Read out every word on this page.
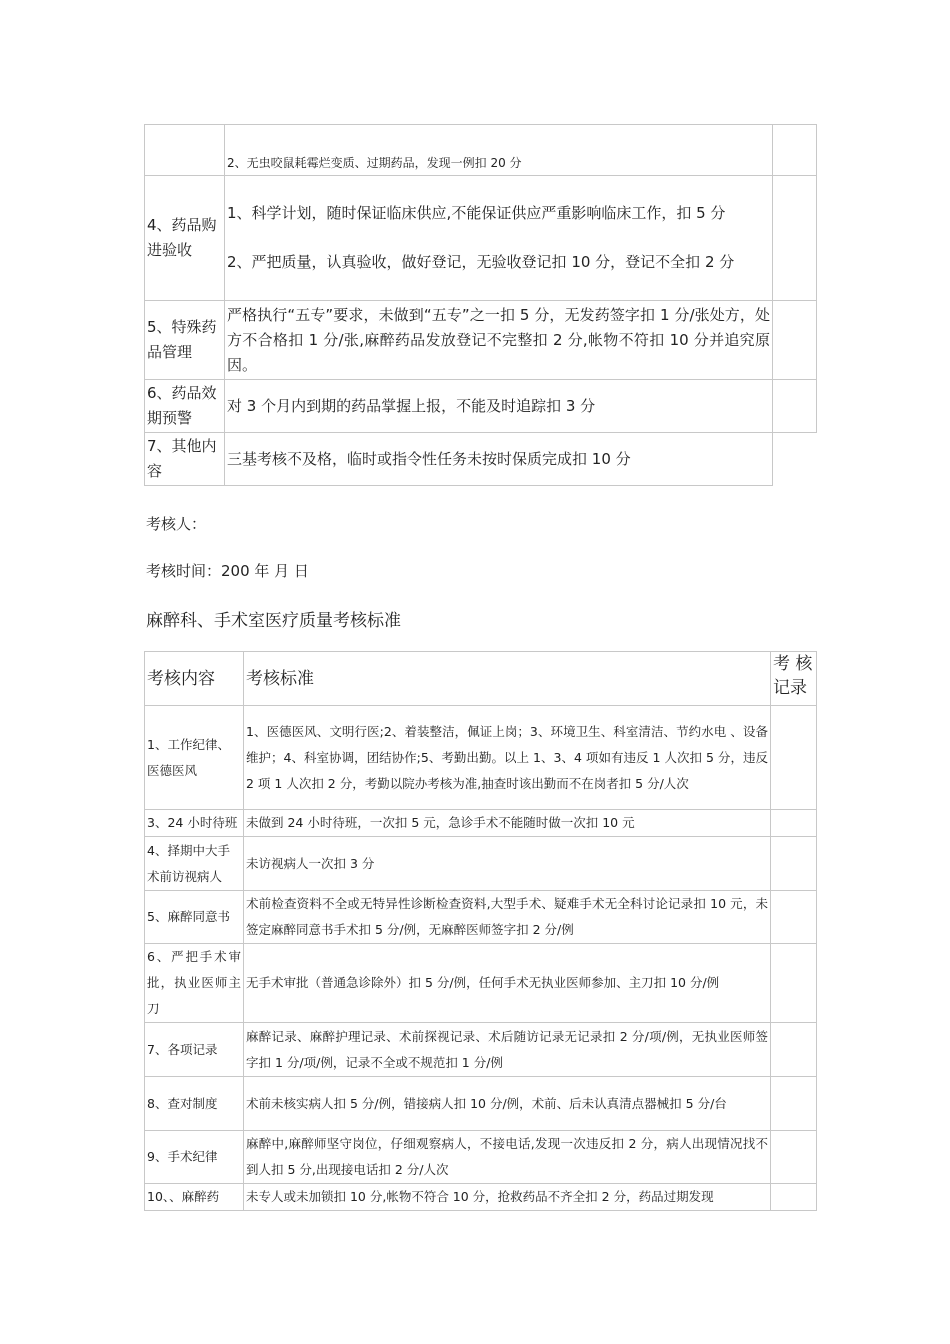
	2、无虫咬鼠耗霉烂变质、过期药品，发现一例扣 20 分	
4、药品购进验收	1、科学计划，随时保证临床供应,不能保证供应严重影响临床工作，扣 5 分
2、严把质量，认真验收，做好登记，无验收登记扣 10 分，登记不全扣 2 分	

5、特殊药品管理	严格执行“五专”要求，未做到“五专”之一扣 5 分，无发药签字扣 1 分/张处方，处方不合格扣 1 分/张,麻醉药品发放登记不完整扣 2 分,帐物不符扣 10 分并追究原因。	
6、药品效期预警	对 3 个月内到期的药品掌握上报，不能及时追踪扣 3 分	
7、其他内容	三基考核不及格，临时或指令性任务未按时保质完成扣 10 分	
考核人：
考核时间：200 年 月 日
麻醉科、手术室医疗质量考核标准
考核内容	考核标准	考 核记录
1、工作纪律、医德医风	1、医德医风、文明行医;2、着装整洁，佩证上岗；3、环境卫生、科室清洁、节约水电 、设备维护；4、科室协调，团结协作;5、考勤出勤。以上 1、3、4 项如有违反 1 人次扣 5 分，违反 2 项 1 人次扣 2 分，考勤以院办考核为准,抽查时该出勤而不在岗者扣 5 分/人次	
3、24 小时待班	未做到 24 小时待班，一次扣 5 元，急诊手术不能随时做一次扣 10 元	
4、择期中大手术前访视病人	未访视病人一次扣 3 分	
5、麻醉同意书	术前检查资料不全或无特异性诊断检查资料,大型手术、疑难手术无全科讨论记录扣 10 元，未签定麻醉同意书手术扣 5 分/例，无麻醉医师签字扣 2 分/例	
6、严把手术审批，执业医师主刀	无手术审批（普通急诊除外）扣 5 分/例，任何手术无执业医师参加、主刀扣 10 分/例	
7、各项记录	麻醉记录、麻醉护理记录、术前探视记录、术后随访记录无记录扣 2 分/项/例，无执业医师签字扣 1 分/项/例，记录不全或不规范扣 1 分/例	
8、查对制度	术前未核实病人扣 5 分/例，错接病人扣 10 分/例，术前、后未认真清点器械扣 5 分/台	
9、手术纪律	麻醉中,麻醉师坚守岗位，仔细观察病人，不接电话,发现一次违反扣 2 分，病人出现情况找不到人扣 5 分,出现接电话扣 2 分/人次	
10、、麻醉药	未专人或未加锁扣 10 分,帐物不符合 10 分，抢救药品不齐全扣 2 分，药品过期发现	
